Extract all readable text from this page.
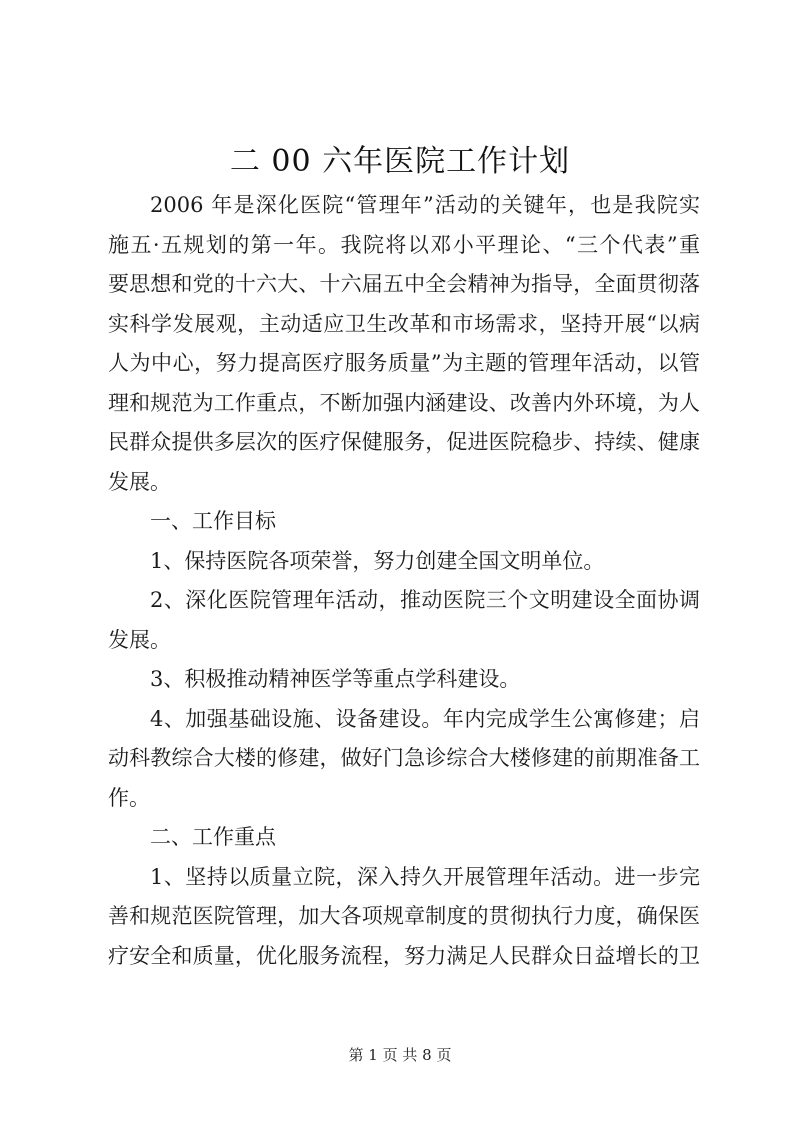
二 00 六年医院工作计划
2006 年是深化医院“管理年”活动的关键年，也是我院实
施五·五规划的第一年。我院将以邓小平理论、“三个代表”重
要思想和党的十六大、十六届五中全会精神为指导，全面贯彻落
实科学发展观，主动适应卫生改革和市场需求，坚持开展“以病
人为中心，努力提高医疗服务质量”为主题的管理年活动，以管
理和规范为工作重点，不断加强内涵建设、改善内外环境，为人
民群众提供多层次的医疗保健服务，促进医院稳步、持续、健康
发展。
一、工作目标
1、保持医院各项荣誉，努力创建全国文明单位。
2、深化医院管理年活动，推动医院三个文明建设全面协调
发展。
3、积极推动精神医学等重点学科建设。
4、加强基础设施、设备建设。年内完成学生公寓修建；启
动科教综合大楼的修建，做好门急诊综合大楼修建的前期准备工
作。
二、工作重点
1、坚持以质量立院，深入持久开展管理年活动。进一步完
善和规范医院管理，加大各项规章制度的贯彻执行力度，确保医
疗安全和质量，优化服务流程，努力满足人民群众日益增长的卫
第 1 页 共 8 页
